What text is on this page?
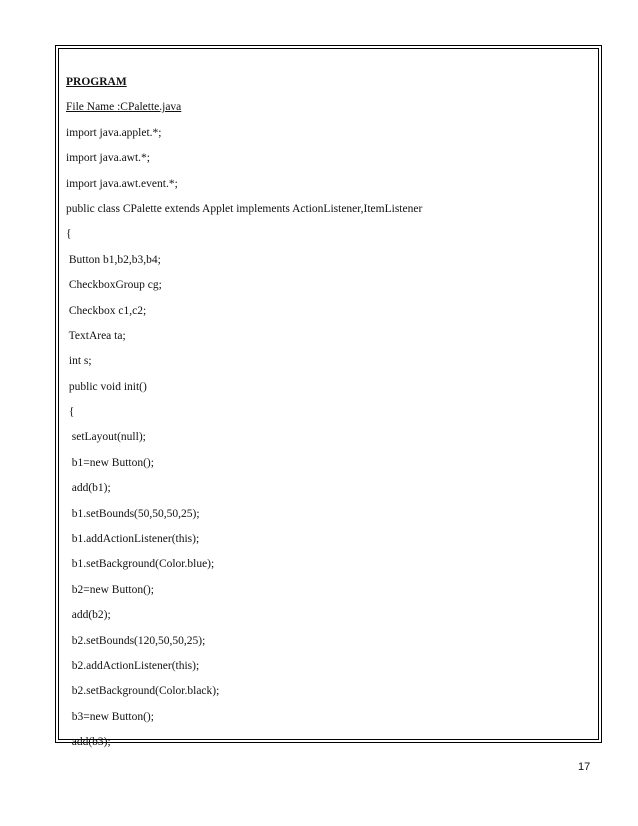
PROGRAM
File Name :CPalette.java
import java.applet.*;
import java.awt.*;
import java.awt.event.*;
public class CPalette extends Applet implements ActionListener,ItemListener
{
Button b1,b2,b3,b4;
CheckboxGroup cg;
Checkbox c1,c2;
TextArea ta;
int s;
public void init()
{
setLayout(null);
b1=new Button();
add(b1);
b1.setBounds(50,50,50,25);
b1.addActionListener(this);
b1.setBackground(Color.blue);
b2=new Button();
add(b2);
b2.setBounds(120,50,50,25);
b2.addActionListener(this);
b2.setBackground(Color.black);
b3=new Button();
add(b3);
17
